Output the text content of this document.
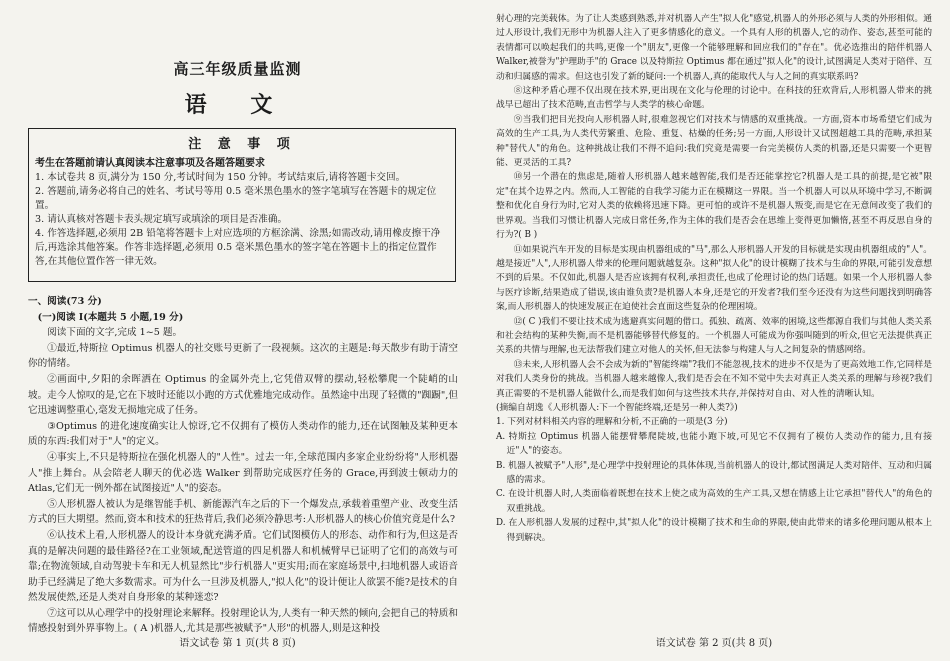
高三年级质量监测
语 文
注 意 事 项
考生在答题前请认真阅读本注意事项及各题答题要求

1. 本试卷共 8 页,满分为 150 分,考试时间为 150 分钟。考试结束后,请将答题卡交回。

2. 答题前,请务必将自己的姓名、考试号等用 0.5 毫米黑色墨水的签字笔填写在答题卡的规定位置。

3. 请认真核对答题卡表头规定填写或填涂的项目是否准确。

4. 作答选择题,必须用 2B 铅笔将答题卡上对应选项的方框涂满、涂黑;如需改动,请用橡皮擦干净后,再选涂其他答案。作答非选择题,必须用 0.5 毫米黑色墨水的签字笔在答题卡上的指定位置作答,在其他位置作答一律无效。

一、阅读(73 分)

(一)阅读 Ⅰ(本题共 5 小题,19 分)

阅读下面的文字,完成 1~5 题。

①最近,特斯拉 Optimus 机器人的社交账号更新了一段视频。这次的主题是:每天散步有助于清空你的情绪。

②画面中,夕阳的余晖洒在 Optimus 的金属外壳上,它凭借双臂的摆动,轻松攀爬一个陡峭的山坡。走今人惊叹的是,它在下坡时还能以小跑的方式优雅地完成动作。虽然途中出现了轻微的"踟蹰",但它迅速调整重心,毫发无损地完成了任务。

③Optimus 的进化速度确实让人惊讶,它不仅拥有了模仿人类动作的能力,还在试图触及某种更本质的东西:我们对于"人"的定义。

④事实上,不只是特斯拉在强化机器人的"人性"。过去一年,全球范围内多家企业纷纷将"人形机器人"推上舞台。从会陪老人聊天的优必选 Walker 到帮助完成医疗任务的 Grace,再到波士顿动力的 Atlas,它们无一例外都在试图接近"人"的姿态。

⑤人形机器人被认为是继智能手机、新能源汽车之后的下一个爆发点,承载着重塑产业、改变生活方式的巨大期望。然而,资本和技术的狂热背后,我们必须冷静思考:人形机器人的核心价值究竟是什么?

⑥认技术上看,人形机器人的设计本身就充满矛盾。它们试图模仿人的形态、动作和行为,但这是否真的是解决问题的最佳路径?在工业领域,配送管道的四足机器人和机械臂早已证明了它们的高效与可靠;在物流领域,自动驾驶卡车和无人机显然比"步行机器人"更实用;而在家庭场景中,扫地机器人或语音助手已经满足了绝大多数需求。可为什么一旦涉及机器人,"拟人化"的设计便让人欲罢不能?是技术的自然发展使然,还是人类对自身形象的某种迷恋?

⑦这可以从心理学中的投射理论来解释。投射理论认为,人类有一种天然的倾向,会把自己的特质和情感投射到外界事物上。( A )机器人,尤其是那些被赋予"人形"的机器人,则是这种投

语文试卷 第 1 页(共 8 页)

射心理的完美载体。为了让人类感到熟悉,并对机器人产生"拟人化"感觉,机器人的外形必须与人类的外形相似。通过人形设计,我们无形中为机器人注入了更多情感化的意义。一个具有人形的机器人,它的动作、姿态,甚至可能的表情都可以唤起我们的共鸣,更像一个"朋友",更像一个能够理解和回应我们的"存在"。优必选推出的陪伴机器人 Walker,被誉为"护理助手"的 Grace 以及特斯拉 Optimus 都在通过"拟人化"的设计,试图满足人类对于陪伴、互动和归属感的需求。但这也引发了新的疑问:一个机器人,真的能取代人与人之间的真实联系吗?

⑧这种矛盾心理不仅出现在技术界,更出现在文化与伦理的讨论中。在科技的狂欢背后,人形机器人带来的挑战早已超出了技术范畴,直击哲学与人类学的核心命题。

⑨当我们把目光投向人形机器人时,很难忽视它们对技术与情感的双重挑战。一方面,资本市场希望它们成为高效的生产工具,为人类代劳繁重、危险、重复、枯燥的任务;另一方面,人形设计又试图超越工具的范畴,承担某种"替代人"的角色。这种挑战让我们不得不追问:我们究竟是需要一台完美模仿人类的机器,还是只需要一个更智能、更灵活的工具?

⑩另一个潜在的焦虑是,随着人形机器人越来越智能,我们是否还能掌控它?机器人是工具的前提,是它被"限定"在其个边界之内。然而,人工智能的自我学习能力正在模糊这一界限。当一个机器人可以从环境中学习,不断调整和优化自身行为时,它对人类的依赖将迅速下降。更可怕的或许不是机器人叛变,而是它在无意间改变了我们的世界观。当我们习惯让机器人完成日常任务,作为主体的我们是否会在思维上变得更加懒惰,甚至不再反思自身的行为?( B )

⑪如果说汽车开发的目标是实现由机器组成的"马",那么人形机器人开发的目标就是实现由机器组成的"人"。越是接近"人",人形机器人带来的伦理问题就越复杂。这种"拟人化"的设计模糊了技术与生命的界限,可能引发意想不到的后果。不仅如此,机器人是否应该拥有权利,承担责任,也成了伦理讨论的热门话题。如果一个人形机器人参与医疗诊断,结果造成了错误,该由谁负责?是机器人本身,还是它的开发者?我们至今还没有为这些问题找到明确答案,而人形机器人的快速发展正在迫使社会直面这些复杂的伦理困境。

⑫( C )我们不要让技术成为逃避真实问题的借口。孤独、疏离、效率的困境,这些都源自我们与其他人类关系和社会结构的某种失衡,而不是机器能够替代修复的。一个机器人可能成为你强叫随到的听众,但它无法提供真正关系的共情与理解,也无法帮我们建立对他人的关怀,但无法参与构建人与人之间复杂的情感网络。

⑬未来,人形机器人会不会成为新的"智能终端"?我们不能忽视,技术的进步不仅是为了更高效地工作,它同样是对我们人类身份的挑战。当机器人越来越像人,我们是否会在不知不觉中失去对真正人类关系的理解与珍视?我们真正需要的不是机器人能做什么,而是我们如何与这些技术共存,并保持对自由、对人性的清晰认知。

(摘编自胡逸《人形机器人:下一个智能终端,还是另一种人类?》)

1. 下列对材料相关内容的理解和分析,不正确的一项是(3 分)

A. 特斯拉 Optimus 机器人能摆臂攀爬陡坡,也能小跑下坡,可见它不仅拥有了模仿人类动作的能力,且有接近"人"的姿态。

B. 机器人被赋予"人形",是心理学中投射理论的具体体现,当前机器人的设计,都试图满足人类对陪伴、互动和归属感的需求。

C. 在设计机器人时,人类面临着既想在技术上使之成为高效的生产工具,又想在情感上让它承担"替代人"的角色的双重挑战。

D. 在人形机器人发展的过程中,其"拟人化"的设计模糊了技术和生命的界限,使由此带来的诸多伦理问题从根本上得到解决。

语文试卷 第 2 页(共 8 页)
